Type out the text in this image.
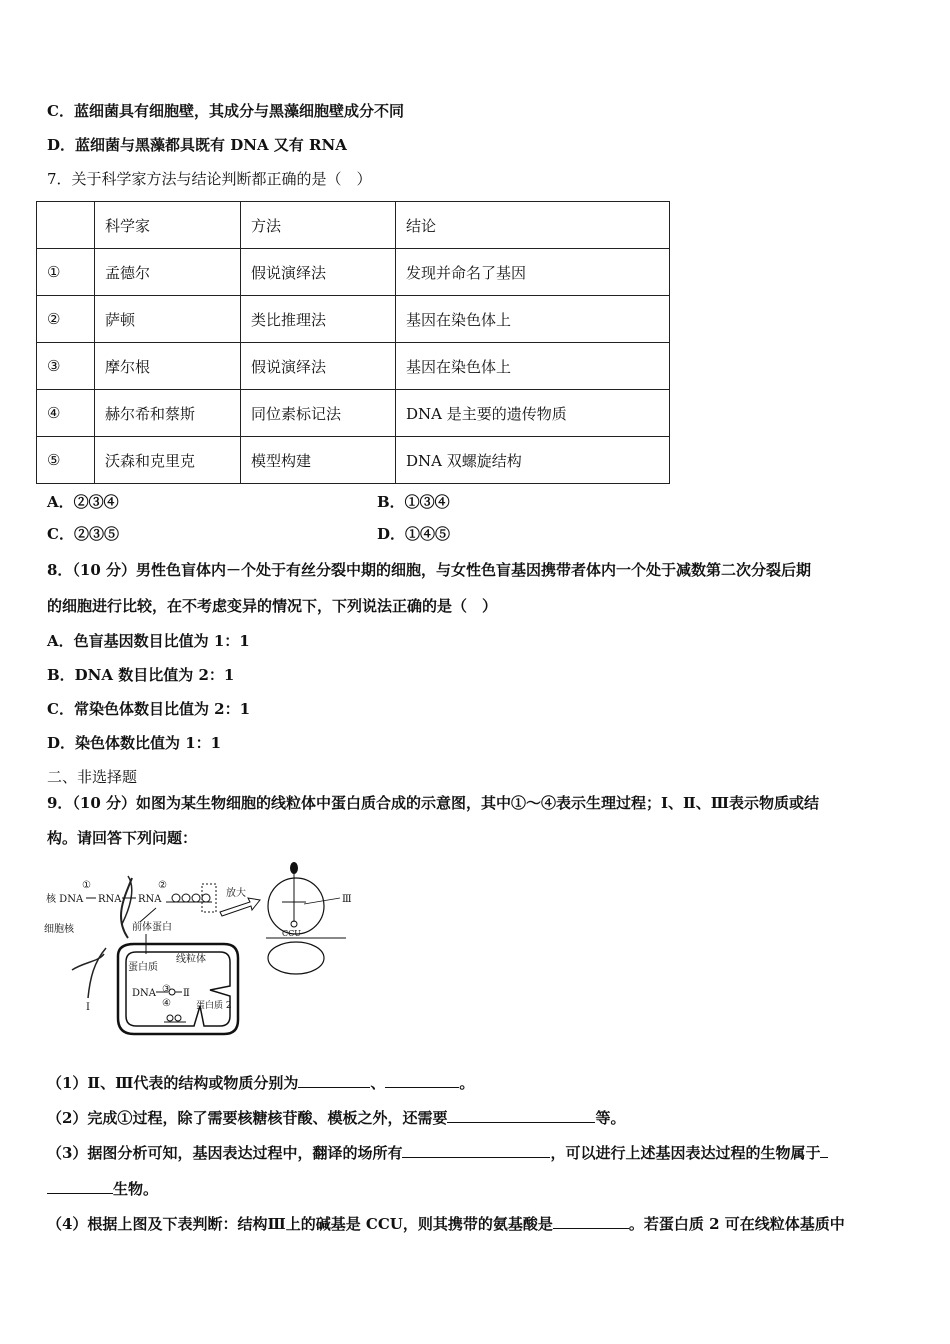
C．蓝细菌具有细胞壁，其成分与黑藻细胞壁成分不同
D．蓝细菌与黑藻都具既有 DNA 又有 RNA
7．关于科学家方法与结论判断都正确的是（　）
	科学家	方法	结论
①	孟德尔	假说演绎法	发现并命名了基因
②	萨顿	类比推理法	基因在染色体上
③	摩尔根	假说演绎法	基因在染色体上
④	赫尔希和蔡斯	同位素标记法	DNA 是主要的遗传物质
⑤	沃森和克里克	模型构建	DNA 双螺旋结构
A．②③④	B．①③④
C．②③⑤	D．①④⑤
8．（10 分）男性色盲体内－个处于有丝分裂中期的细胞，与女性色盲基因携带者体内一个处于减数第二次分裂后期
的细胞进行比较，在不考虑变异的情况下，下列说法正确的是（　）
A．色盲基因数目比值为 1：1
B．DNA 数目比值为 2：1
C．常染色体数目比值为 2：1
D．染色体数比值为 1：1
二、非选择题
9．（10 分）如图为某生物细胞的线粒体中蛋白质合成的示意图，其中①～④表示生理过程；Ⅰ、Ⅱ、Ⅲ表示物质或结
构。请回答下列问题：
①
核 DNA RNA
②
RNA
细胞核	前体蛋白
放大
CCU
Ⅲ
蛋白质
线粒体
③
DNA	Ⅱ
④	蛋白质 2
Ⅰ
（1）Ⅱ、Ⅲ代表的结构或物质分别为	、	。
（2）完成①过程，除了需要核糖核苷酸、模板之外，还需要	等。
（3）据图分析可知，基因表达过程中，翻译的场所有	，可以进行上述基因表达过程的生物属于
生物。
（4）根据上图及下表判断：结构Ⅲ上的碱基是 CCU，则其携带的氨基酸是	。若蛋白质 2 可在线粒体基质中
